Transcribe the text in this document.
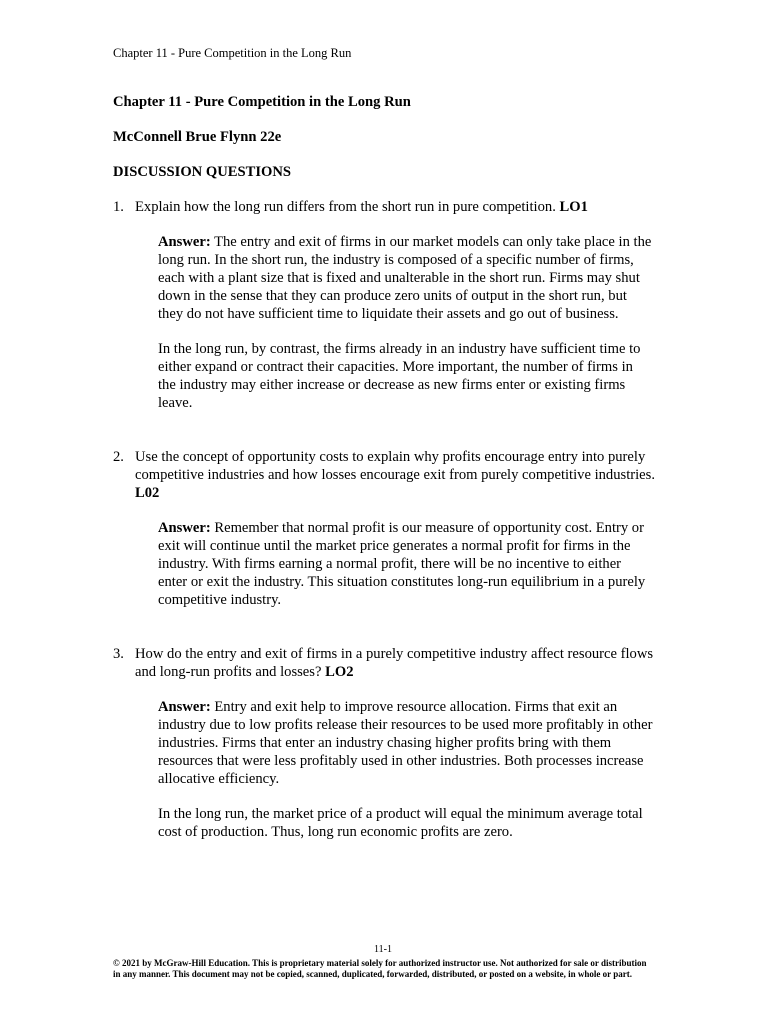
Chapter 11 - Pure Competition in the Long Run

Chapter 11 - Pure Competition in the Long Run

McConnell Brue Flynn 22e

DISCUSSION QUESTIONS

1. Explain how the long run differs from the short run in pure competition. LO1

Answer: The entry and exit of firms in our market models can only take place in the long run. In the short run, the industry is composed of a specific number of firms, each with a plant size that is fixed and unalterable in the short run. Firms may shut down in the sense that they can produce zero units of output in the short run, but they do not have sufficient time to liquidate their assets and go out of business.

In the long run, by contrast, the firms already in an industry have sufficient time to either expand or contract their capacities. More important, the number of firms in the industry may either increase or decrease as new firms enter or existing firms leave.

2. Use the concept of opportunity costs to explain why profits encourage entry into purely competitive industries and how losses encourage exit from purely competitive industries. L02

Answer: Remember that normal profit is our measure of opportunity cost. Entry or exit will continue until the market price generates a normal profit for firms in the industry. With firms earning a normal profit, there will be no incentive to either enter or exit the industry. This situation constitutes long-run equilibrium in a purely competitive industry.

3. How do the entry and exit of firms in a purely competitive industry affect resource flows and long-run profits and losses? LO2

Answer: Entry and exit help to improve resource allocation. Firms that exit an industry due to low profits release their resources to be used more profitably in other industries. Firms that enter an industry chasing higher profits bring with them resources that were less profitably used in other industries. Both processes increase allocative efficiency.

In the long run, the market price of a product will equal the minimum average total cost of production. Thus, long run economic profits are zero.

11-1
© 2021 by McGraw-Hill Education. This is proprietary material solely for authorized instructor use. Not authorized for sale or distribution in any manner. This document may not be copied, scanned, duplicated, forwarded, distributed, or posted on a website, in whole or part.
